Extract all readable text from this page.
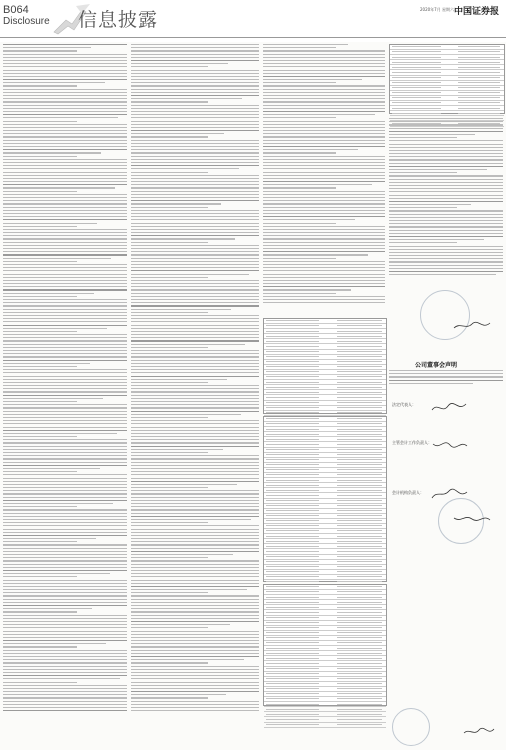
B064
Disclosure 信息披露	2020年7月 星期六 中国证券报
公司董事会声明
法定代表人：
主管会计工作负责人：
会计机构负责人：
